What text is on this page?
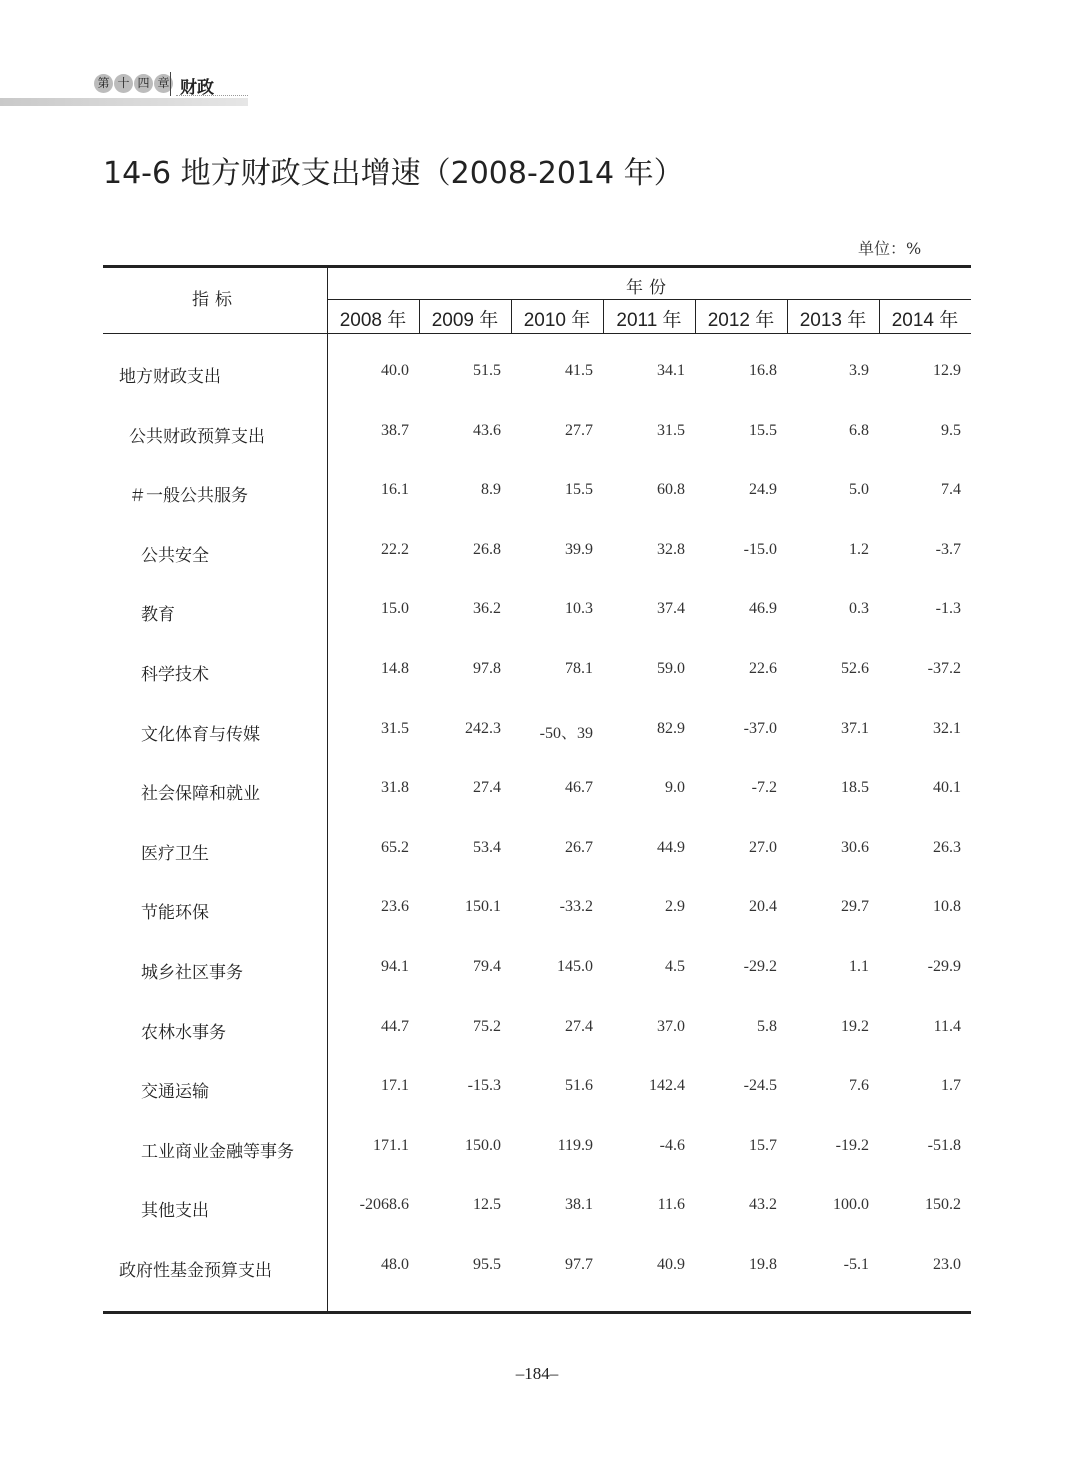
第 十 四 章 财政
14-6 地方财政支出增速（2008-2014 年）
单位：%
指标
年份
2008 年	2009 年	2010 年	2011 年	2012 年	2013 年	2014 年
地方财政支出	40.0	51.5	41.5	34.1	16.8	3.9	12.9
公共财政预算支出	38.7	43.6	27.7	31.5	15.5	6.8	9.5
＃一般公共服务	16.1	8.9	15.5	60.8	24.9	5.0	7.4
公共安全	22.2	26.8	39.9	32.8	-15.0	1.2	-3.7
教育	15.0	36.2	10.3	37.4	46.9	0.3	-1.3
科学技术	14.8	97.8	78.1	59.0	22.6	52.6	-37.2
文化体育与传媒	31.5	242.3	-50、39	82.9	-37.0	37.1	32.1
社会保障和就业	31.8	27.4	46.7	9.0	-7.2	18.5	40.1
医疗卫生	65.2	53.4	26.7	44.9	27.0	30.6	26.3
节能环保	23.6	150.1	-33.2	2.9	20.4	29.7	10.8
城乡社区事务	94.1	79.4	145.0	4.5	-29.2	1.1	-29.9
农林水事务	44.7	75.2	27.4	37.0	5.8	19.2	11.4
交通运输	17.1	-15.3	51.6	142.4	-24.5	7.6	1.7
工业商业金融等事务	171.1	150.0	119.9	-4.6	15.7	-19.2	-51.8
其他支出	-2068.6	12.5	38.1	11.6	43.2	100.0	150.2
政府性基金预算支出	48.0	95.5	97.7	40.9	19.8	-5.1	23.0
–184–
